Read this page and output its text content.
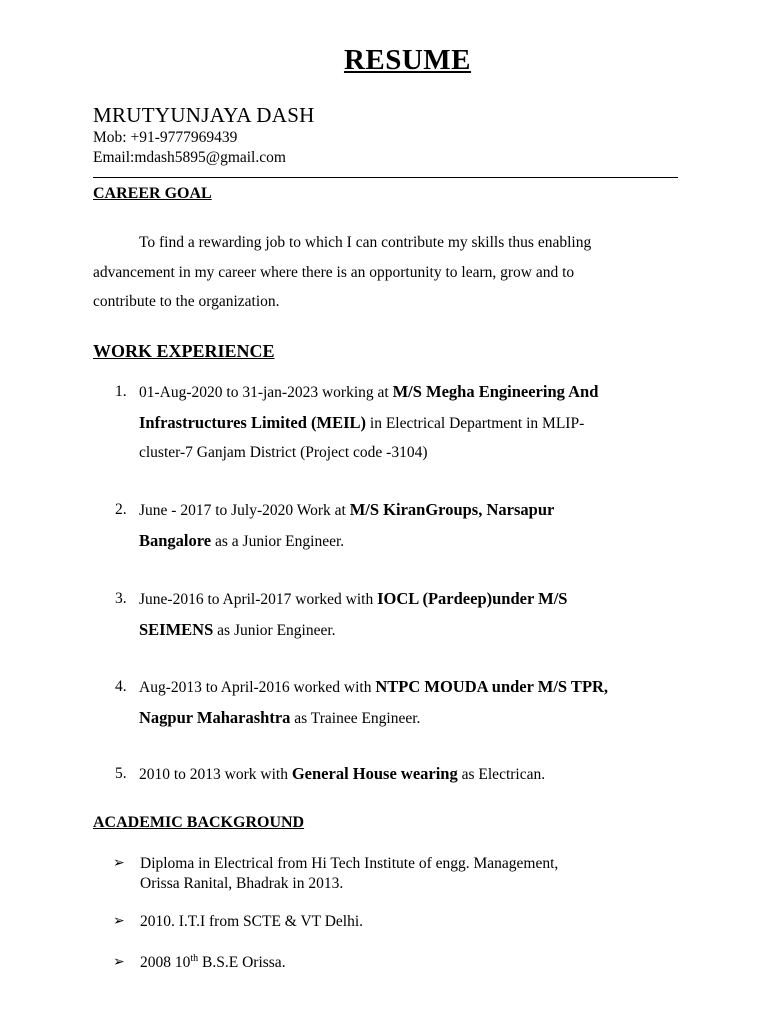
RESUME
MRUTYUNJAYA DASH
Mob: +91-9777969439
Email:mdash5895@gmail.com
CAREER GOAL
To find a rewarding job to which I can contribute my skills thus enabling
advancement in my career where there is an opportunity to learn, grow and to
contribute to the organization.
WORK EXPERIENCE
1. 01-Aug-2020 to 31-jan-2023 working at M/S Megha Engineering And
Infrastructures Limited (MEIL) in Electrical Department in MLIP-
cluster-7 Ganjam District (Project code -3104)
2. June - 2017 to July-2020 Work at M/S KiranGroups, Narsapur
Bangalore as a Junior Engineer.
3. June-2016 to April-2017 worked with IOCL (Pardeep)under M/S
SEIMENS as Junior Engineer.
4. Aug-2013 to April-2016 worked with NTPC MOUDA under M/S TPR,
Nagpur Maharashtra as Trainee Engineer.
5. 2010 to 2013 work with General House wearing as Electrican.
ACADEMIC BACKGROUND
➢ Diploma in Electrical from Hi Tech Institute of engg. Management,
Orissa Ranital, Bhadrak in 2013.
➢ 2010. I.T.I from SCTE & VT Delhi.
➢ 2008 10th B.S.E Orissa.
